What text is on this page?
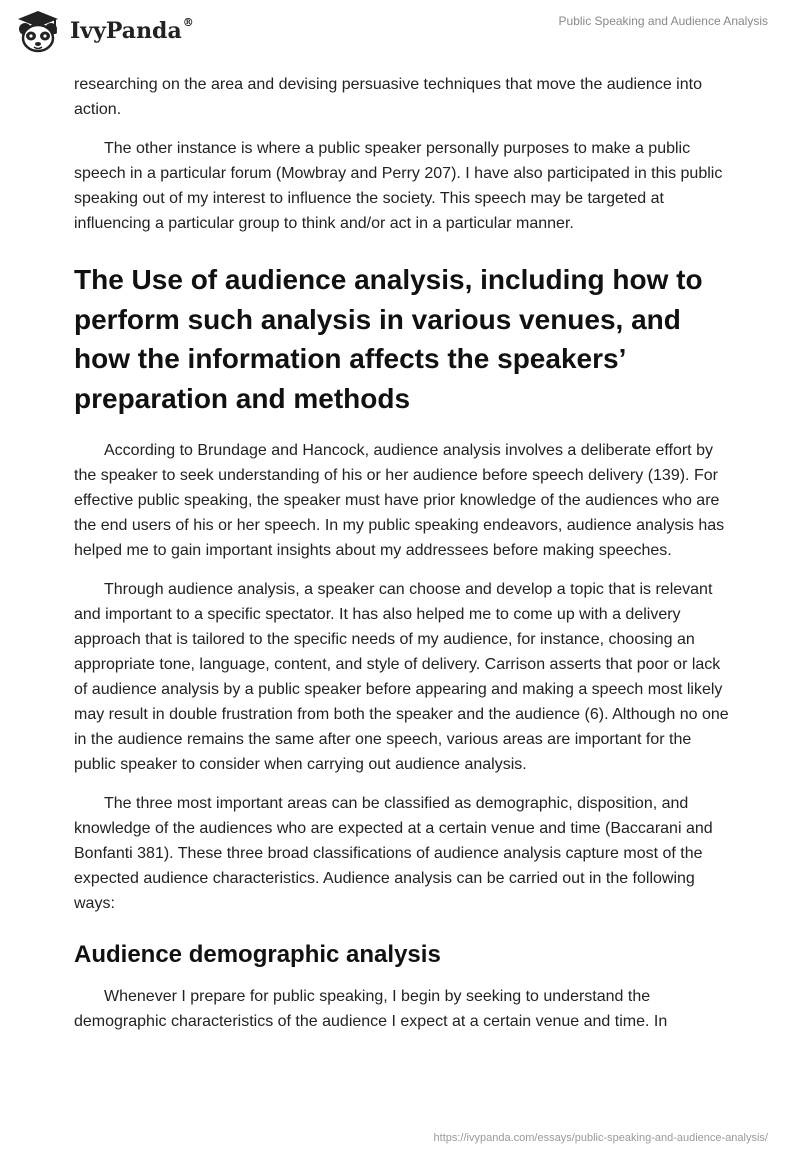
IvyPanda®	Public Speaking and Audience Analysis

researching on the area and devising persuasive techniques that move the audience into action.

The other instance is where a public speaker personally purposes to make a public speech in a particular forum (Mowbray and Perry 207). I have also participated in this public speaking out of my interest to influence the society. This speech may be targeted at influencing a particular group to think and/or act in a particular manner.

The Use of audience analysis, including how to perform such analysis in various venues, and how the information affects the speakers’ preparation and methods

According to Brundage and Hancock, audience analysis involves a deliberate effort by the speaker to seek understanding of his or her audience before speech delivery (139). For effective public speaking, the speaker must have prior knowledge of the audiences who are the end users of his or her speech. In my public speaking endeavors, audience analysis has helped me to gain important insights about my addressees before making speeches.

Through audience analysis, a speaker can choose and develop a topic that is relevant and important to a specific spectator. It has also helped me to come up with a delivery approach that is tailored to the specific needs of my audience, for instance, choosing an appropriate tone, language, content, and style of delivery. Carrison asserts that poor or lack of audience analysis by a public speaker before appearing and making a speech most likely may result in double frustration from both the speaker and the audience (6). Although no one in the audience remains the same after one speech, various areas are important for the public speaker to consider when carrying out audience analysis.

The three most important areas can be classified as demographic, disposition, and knowledge of the audiences who are expected at a certain venue and time (Baccarani and Bonfanti 381). These three broad classifications of audience analysis capture most of the expected audience characteristics. Audience analysis can be carried out in the following ways:

Audience demographic analysis

Whenever I prepare for public speaking, I begin by seeking to understand the demographic characteristics of the audience I expect at a certain venue and time. In

https://ivypanda.com/essays/public-speaking-and-audience-analysis/
